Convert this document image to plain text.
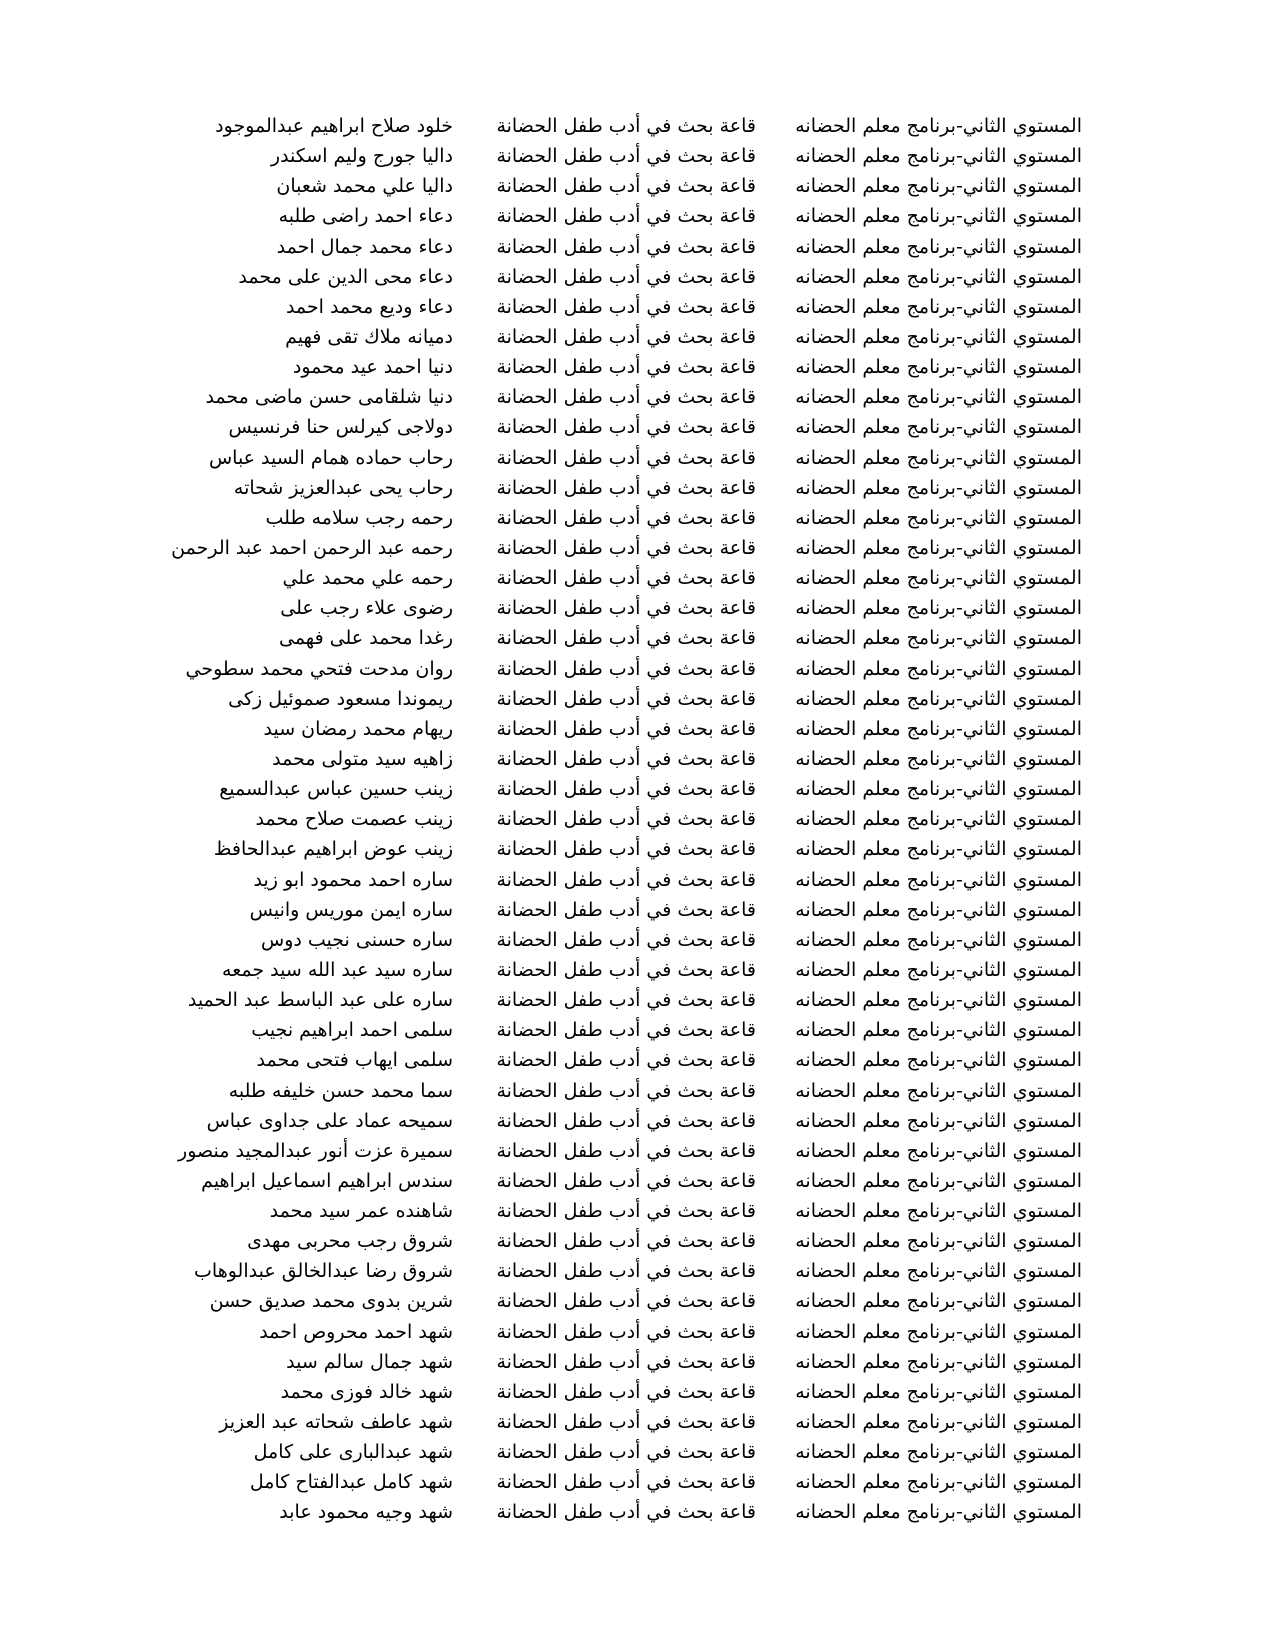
المستوي الثاني-برنامج معلم الحضانه
قاعة بحث في أدب طفل الحضانة
خلود صلاح ابراهيم عبدالموجود
المستوي الثاني-برنامج معلم الحضانه
قاعة بحث في أدب طفل الحضانة
داليا جورج وليم اسكندر
المستوي الثاني-برنامج معلم الحضانه
قاعة بحث في أدب طفل الحضانة
داليا علي محمد شعبان
المستوي الثاني-برنامج معلم الحضانه
قاعة بحث في أدب طفل الحضانة
دعاء احمد راضى طلبه
المستوي الثاني-برنامج معلم الحضانه
قاعة بحث في أدب طفل الحضانة
دعاء محمد جمال احمد
المستوي الثاني-برنامج معلم الحضانه
قاعة بحث في أدب طفل الحضانة
دعاء محى الدين على محمد
المستوي الثاني-برنامج معلم الحضانه
قاعة بحث في أدب طفل الحضانة
دعاء وديع محمد احمد
المستوي الثاني-برنامج معلم الحضانه
قاعة بحث في أدب طفل الحضانة
دميانه ملاك تقى فهيم
المستوي الثاني-برنامج معلم الحضانه
قاعة بحث في أدب طفل الحضانة
دنيا احمد عيد محمود
المستوي الثاني-برنامج معلم الحضانه
قاعة بحث في أدب طفل الحضانة
دنيا شلقامى حسن ماضى محمد
المستوي الثاني-برنامج معلم الحضانه
قاعة بحث في أدب طفل الحضانة
دولاجى كيرلس حنا فرنسيس
المستوي الثاني-برنامج معلم الحضانه
قاعة بحث في أدب طفل الحضانة
رحاب حماده همام السيد عباس
المستوي الثاني-برنامج معلم الحضانه
قاعة بحث في أدب طفل الحضانة
رحاب يحى عبدالعزيز شحاته
المستوي الثاني-برنامج معلم الحضانه
قاعة بحث في أدب طفل الحضانة
رحمه رجب سلامه طلب
المستوي الثاني-برنامج معلم الحضانه
قاعة بحث في أدب طفل الحضانة
رحمه عبد الرحمن احمد عبد الرحمن
المستوي الثاني-برنامج معلم الحضانه
قاعة بحث في أدب طفل الحضانة
رحمه علي محمد علي
المستوي الثاني-برنامج معلم الحضانه
قاعة بحث في أدب طفل الحضانة
رضوى علاء رجب على
المستوي الثاني-برنامج معلم الحضانه
قاعة بحث في أدب طفل الحضانة
رغدا محمد على فهمى
المستوي الثاني-برنامج معلم الحضانه
قاعة بحث في أدب طفل الحضانة
روان مدحت فتحي محمد سطوحي
المستوي الثاني-برنامج معلم الحضانه
قاعة بحث في أدب طفل الحضانة
ريموندا مسعود صموئيل زكى
المستوي الثاني-برنامج معلم الحضانه
قاعة بحث في أدب طفل الحضانة
ريهام محمد رمضان سيد
المستوي الثاني-برنامج معلم الحضانه
قاعة بحث في أدب طفل الحضانة
زاهيه سيد متولى محمد
المستوي الثاني-برنامج معلم الحضانه
قاعة بحث في أدب طفل الحضانة
زينب حسين عباس عبدالسميع
المستوي الثاني-برنامج معلم الحضانه
قاعة بحث في أدب طفل الحضانة
زينب عصمت صلاح محمد
المستوي الثاني-برنامج معلم الحضانه
قاعة بحث في أدب طفل الحضانة
زينب عوض ابراهيم عبدالحافظ
المستوي الثاني-برنامج معلم الحضانه
قاعة بحث في أدب طفل الحضانة
ساره احمد محمود ابو زيد
المستوي الثاني-برنامج معلم الحضانه
قاعة بحث في أدب طفل الحضانة
ساره ايمن موريس وانيس
المستوي الثاني-برنامج معلم الحضانه
قاعة بحث في أدب طفل الحضانة
ساره حسنى نجيب دوس
المستوي الثاني-برنامج معلم الحضانه
قاعة بحث في أدب طفل الحضانة
ساره سيد عبد الله سيد جمعه
المستوي الثاني-برنامج معلم الحضانه
قاعة بحث في أدب طفل الحضانة
ساره على عبد الباسط عبد الحميد
المستوي الثاني-برنامج معلم الحضانه
قاعة بحث في أدب طفل الحضانة
سلمى احمد ابراهيم نجيب
المستوي الثاني-برنامج معلم الحضانه
قاعة بحث في أدب طفل الحضانة
سلمى ايهاب فتحى محمد
المستوي الثاني-برنامج معلم الحضانه
قاعة بحث في أدب طفل الحضانة
سما محمد حسن خليفه طلبه
المستوي الثاني-برنامج معلم الحضانه
قاعة بحث في أدب طفل الحضانة
سميحه عماد على جداوى عباس
المستوي الثاني-برنامج معلم الحضانه
قاعة بحث في أدب طفل الحضانة
سميرة عزت أنور عبدالمجيد منصور
المستوي الثاني-برنامج معلم الحضانه
قاعة بحث في أدب طفل الحضانة
سندس ابراهيم اسماعيل ابراهيم
المستوي الثاني-برنامج معلم الحضانه
قاعة بحث في أدب طفل الحضانة
شاهنده عمر سيد محمد
المستوي الثاني-برنامج معلم الحضانه
قاعة بحث في أدب طفل الحضانة
شروق رجب محربى مهدى
المستوي الثاني-برنامج معلم الحضانه
قاعة بحث في أدب طفل الحضانة
شروق رضا عبدالخالق عبدالوهاب
المستوي الثاني-برنامج معلم الحضانه
قاعة بحث في أدب طفل الحضانة
شرين بدوى محمد صديق حسن
المستوي الثاني-برنامج معلم الحضانه
قاعة بحث في أدب طفل الحضانة
شهد احمد محروص احمد
المستوي الثاني-برنامج معلم الحضانه
قاعة بحث في أدب طفل الحضانة
شهد جمال سالم سيد
المستوي الثاني-برنامج معلم الحضانه
قاعة بحث في أدب طفل الحضانة
شهد خالد فوزى محمد
المستوي الثاني-برنامج معلم الحضانه
قاعة بحث في أدب طفل الحضانة
شهد عاطف شحاته عبد العزيز
المستوي الثاني-برنامج معلم الحضانه
قاعة بحث في أدب طفل الحضانة
شهد عبدالبارى على كامل
المستوي الثاني-برنامج معلم الحضانه
قاعة بحث في أدب طفل الحضانة
شهد كامل عبدالفتاح كامل
المستوي الثاني-برنامج معلم الحضانه
قاعة بحث في أدب طفل الحضانة
شهد وجيه محمود عابد
